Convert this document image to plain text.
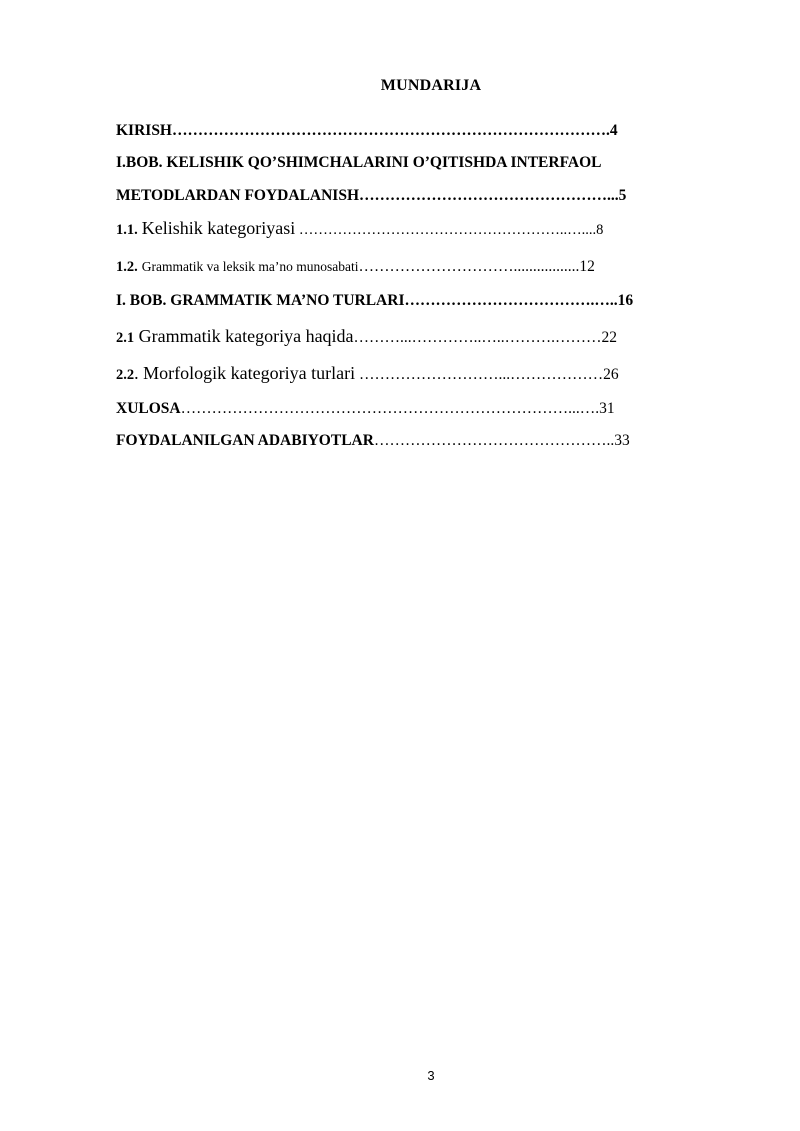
MUNDARIJA
KIRISH………………………………………………………………………….4
I.BOB. KELISHIK QO’SHIMCHALARINI O’QITISHDA INTERFAOL
METODLARDAN FOYDALANISH…………………………………………...5
1.1. Kelishik kategoriyasi ………………………………………………..…....8
1.2. Grammatik va leksik ma’no munosabati………………………….................12
I. BOB. GRAMMATIK MA’NO TURLARI……………………………….…..16
2.1 Grammatik kategoriya haqida………...…………..…..……….………22
2.2. Morfologik kategoriya turlari ………………………...………………26
XULOSA…………………………………………………………………...….31
FOYDALANILGAN ADABIYOTLAR………………………………………..33
3
